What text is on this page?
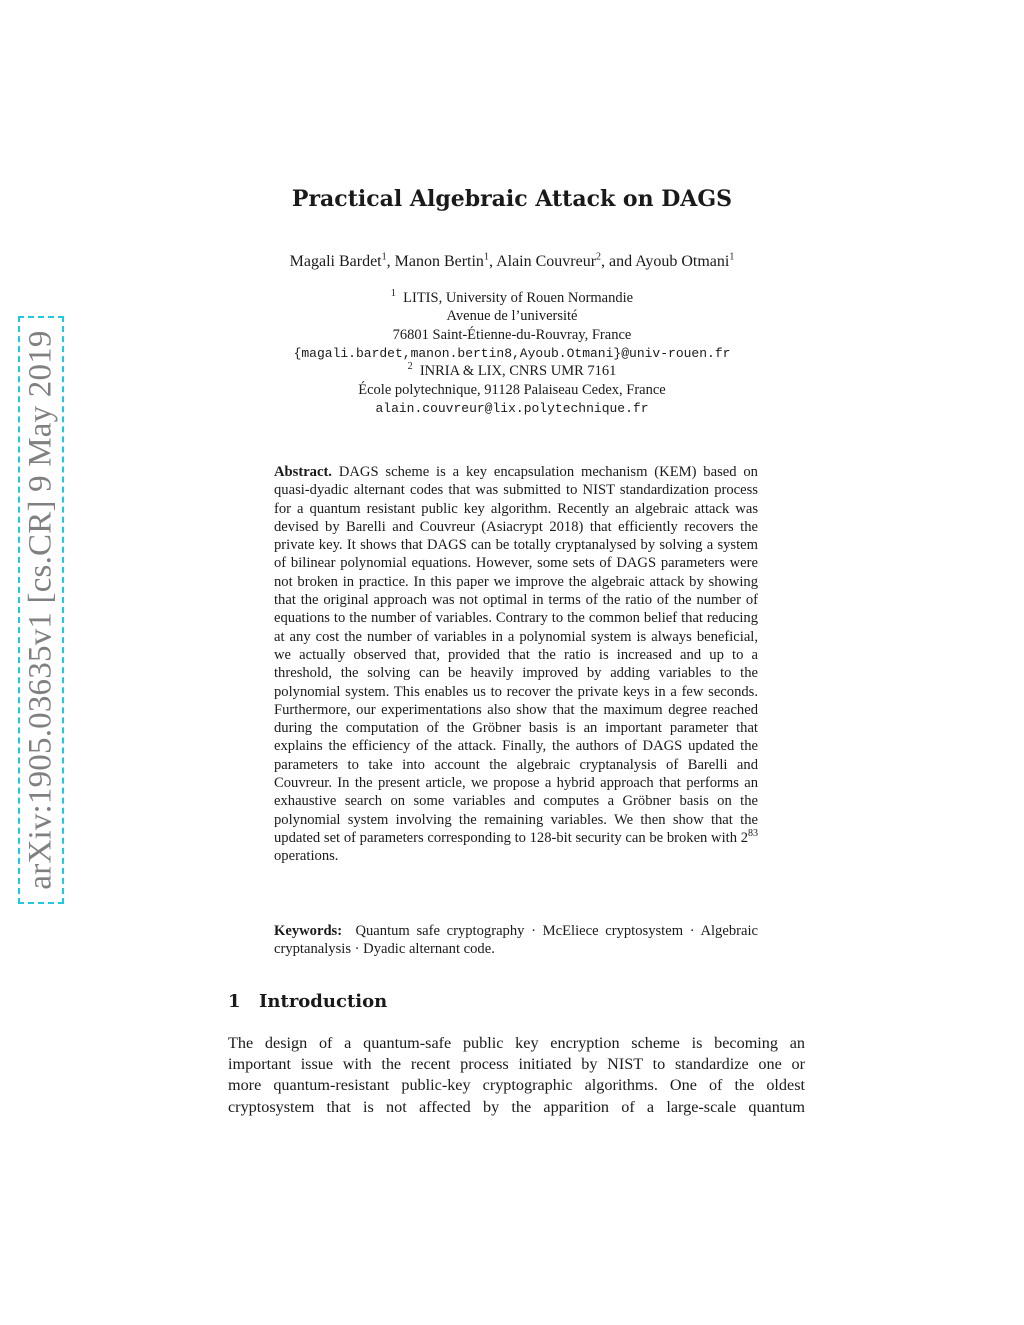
arXiv:1905.03635v1 [cs.CR] 9 May 2019
Practical Algebraic Attack on DAGS
Magali Bardet$^1$, Manon Bertin$^1$, Alain Couvreur$^2$, and Ayoub Otmani$^1$
$^1$ LITIS, University of Rouen Normandie
Avenue de l’université
76801 Saint-Étienne-du-Rouvray, France
{magali.bardet,manon.bertin8,Ayoub.Otmani}@univ-rouen.fr
$^2$ INRIA & LIX, CNRS UMR 7161
École polytechnique, 91128 Palaiseau Cedex, France
alain.couvreur@lix.polytechnique.fr

Abstract. DAGS scheme is a key encapsulation mechanism (KEM) based on quasi-dyadic alternant codes that was submitted to NIST standardization process for a quantum resistant public key algorithm. Recently an algebraic attack was devised by Barelli and Couvreur (Asiacrypt 2018) that efficiently recovers the private key. It shows that DAGS can be totally cryptanalysed by solving a system of bilinear polynomial equations. However, some sets of DAGS parameters were not broken in practice. In this paper we improve the algebraic attack by showing that the original approach was not optimal in terms of the ratio of the number of equations to the number of variables. Contrary to the common belief that reducing at any cost the number of variables in a polynomial system is always beneficial, we actually observed that, provided that the ratio is increased and up to a threshold, the solving can be heavily improved by adding variables to the polynomial system. This enables us to recover the private keys in a few seconds. Furthermore, our experimentations also show that the maximum degree reached during the computation of the Gröbner basis is an important parameter that explains the efficiency of the attack. Finally, the authors of DAGS updated the parameters to take into account the algebraic cryptanalysis of Barelli and Couvreur. In the present article, we propose a hybrid approach that performs an exhaustive search on some variables and computes a Gröbner basis on the polynomial system involving the remaining variables. We then show that the updated set of parameters corresponding to 128-bit security can be broken with $2^{83}$ operations.

Keywords: Quantum safe cryptography · McEliece cryptosystem · Algebraic cryptanalysis · Dyadic alternant code.
1 Introduction
The design of a quantum-safe public key encryption scheme is becoming an
important issue with the recent process initiated by NIST to standardize one or
more quantum-resistant public-key cryptographic algorithms. One of the oldest
cryptosystem that is not affected by the apparition of a large-scale quantum
